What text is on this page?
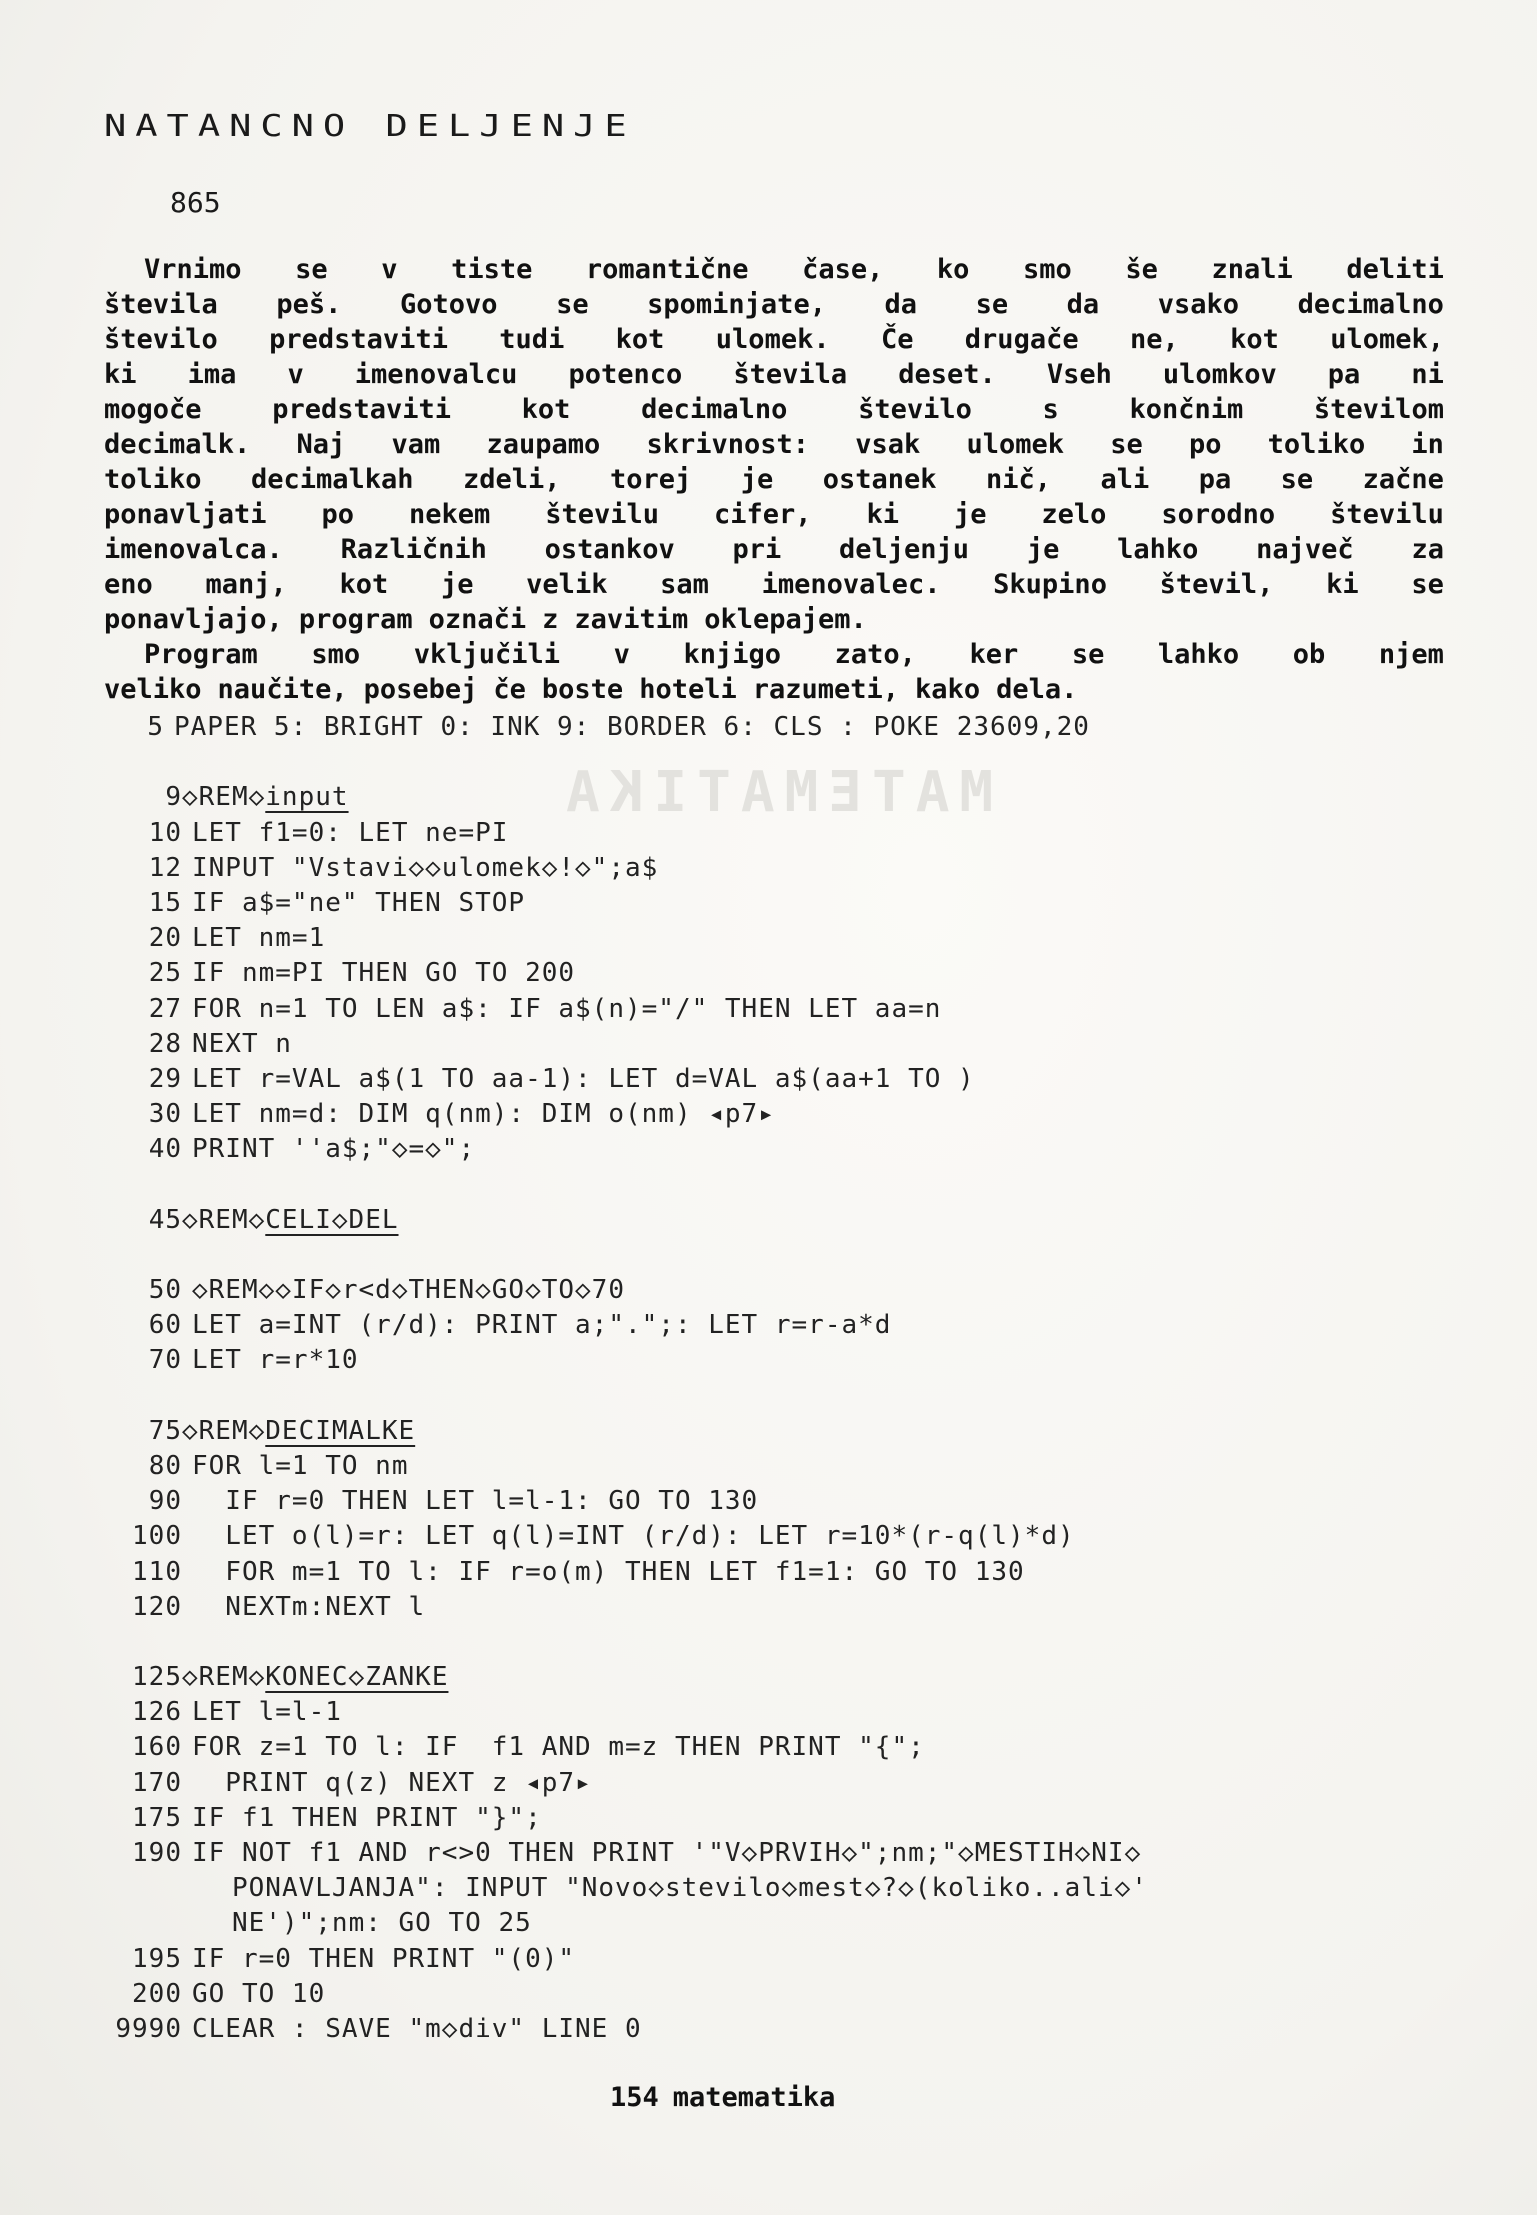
MATEMATIKA
NATANCNO DELJENJE
865
Vrnimo se v tiste romantične čase, ko smo še znali deliti
števila peš. Gotovo se spominjate, da se da vsako decimalno
število predstaviti tudi kot ulomek. Če drugače ne, kot ulomek,
ki ima v imenovalcu potenco števila deset. Vseh ulomkov pa ni
mogoče	predstaviti	kot	decimalno	število	s	končnim	številom
decimalk. Naj vam zaupamo skrivnost: vsak ulomek se po toliko in
toliko decimalkah zdeli, torej je ostanek nič, ali pa se začne
ponavljati po nekem številu cifer, ki je zelo sorodno številu
imenovalca. Različnih ostankov pri deljenju je lahko največ za
eno manj, kot je velik sam imenovalec. Skupino števil, ki se
ponavljajo, program označi z zavitim oklepajem.
Program smo vključili v knjigo zato, ker se lahko ob njem
veliko naučite, posebej če boste hoteli razumeti, kako dela.
5 PAPER 5: BRIGHT 0: INK 9: BORDER 6: CLS : POKE 23609,20
9 ◇REM◇input
10 LET f1=0: LET ne=PI
12 INPUT "Vstavi◇◇ulomek◇!◇";a$
15 IF a$="ne" THEN STOP
20 LET nm=1
25 IF nm=PI THEN GO TO 200
27 FOR n=1 TO LEN a$: IF a$(n)="/" THEN LET aa=n
28 NEXT n
29 LET r=VAL a$(1 TO aa-1): LET d=VAL a$(aa+1 TO )
30 LET nm=d: DIM q(nm): DIM o(nm) ◂p7▸
40 PRINT ''a$;"◇=◇";
45 ◇REM◇CELI◇DEL
50 ◇REM◇◇IF◇r<d◇THEN◇GO◇TO◇70
60 LET a=INT (r/d): PRINT a;".";: LET r=r-a*d
70 LET r=r*10
75 ◇REM◇DECIMALKE
80 FOR l=1 TO nm
90 IF r=0 THEN LET l=l-1: GO TO 130
100 LET o(l)=r: LET q(l)=INT (r/d): LET r=10*(r-q(l)*d)
110 FOR m=1 TO l: IF r=o(m) THEN LET f1=1: GO TO 130
120 NEXTm:NEXT l
125 ◇REM◇KONEC◇ZANKE
126 LET l=l-1
160 FOR z=1 TO l: IF  f1 AND m=z THEN PRINT "{";
170 PRINT q(z) NEXT z ◂p7▸
175 IF f1 THEN PRINT "}";
190 IF NOT f1 AND r<>0 THEN PRINT '"V◇PRVIH◇";nm;"◇MESTIH◇NI◇
PONAVLJANJA": INPUT "Novo◇stevilo◇mest◇?◇(koliko..ali◇'
NE')";nm: GO TO 25
195 IF r=0 THEN PRINT "(0)"
200 GO TO 10
9990 CLEAR : SAVE "m◇div" LINE 0
154 matematika
